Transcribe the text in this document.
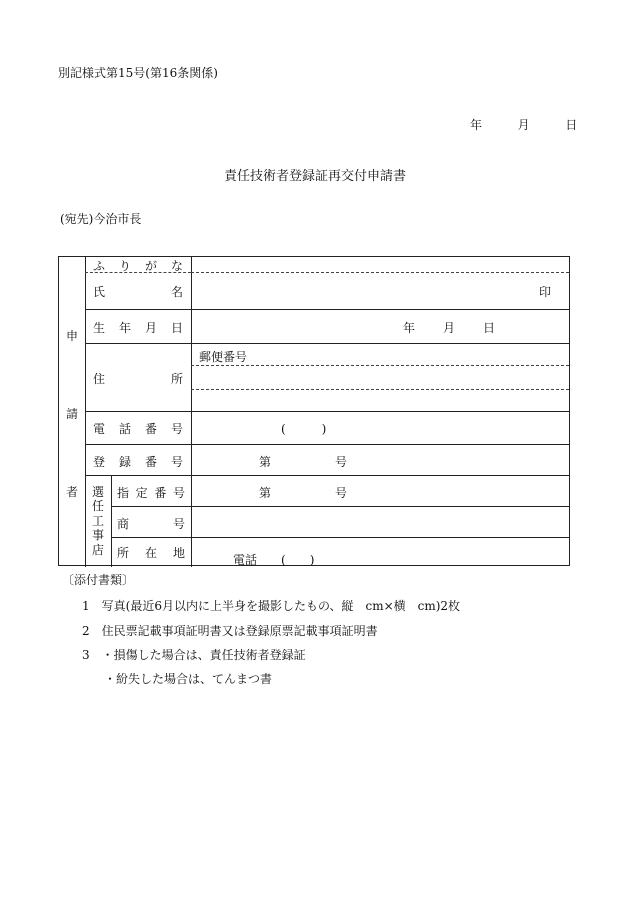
別記様式第15号(第16条関係)
年	月	日
責任技術者登録証再交付申請書
(宛先)今治市長
申
請
者
ふ り が な
氏	名	印
生 年 月 日	年 月 日
住	所
郵便番号
電 話 番 号	(　　　)
登 録 番 号	第	号
選
任
工
事
店
指 定 番 号	第	号
商	号
所 在 地	電話 (　　)
〔添付書類〕
1 写真(最近6月以内に上半身を撮影したもの、縦　cm×横　cm)2枚
2 住民票記載事項証明書又は登録原票記載事項証明書
3 ・損傷した場合は、責任技術者登録証
・紛失した場合は、てんまつ書
